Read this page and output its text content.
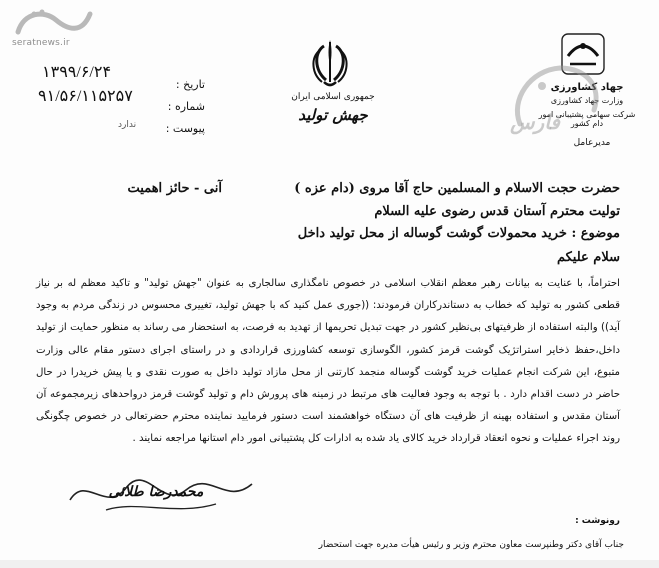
seratnews.ir
تاریخ :
شماره :
پیوست :
۱۳۹۹/۶/۲۴
۹۱/۵۶/۱۱۵۲۵۷
ندارد
جمهوری اسلامی ایران
جهش تولید
جهاد کشاورزی
وزارت جهاد کشاورزی
شرکت سهامی پشتیبانی امور دام کشور
مدیرعامل
فارس
آنی - حائز اهمیت	حضرت حجت الاسلام و المسلمین حاج آقا مروی (دام عزه )
تولیت محترم آستان قدس رضوی علیه السلام
موضوع : خرید محمولات گوشت گوساله از محل تولید داخل
سلام علیکم
احتراماً، با عنایت به بیانات رهبر معظم انقلاب اسلامی در خصوص نامگذاری سالجاری به عنوان "جهش تولید" و تاکید معظم له بر نیاز قطعی کشور به تولید که خطاب به دستاندرکاران فرمودند: ((جوری عمل کنید که با جهش تولید، تغییری محسوس در زندگی مردم به وجود آید)) والبته استفاده از ظرفیتهای بی‌نظیر کشور در جهت تبدیل تحریمها از تهدید به فرصت، به استحضار می رساند به منظور حمایت از تولید داخل،حفظ ذخایر استراتژیک گوشت قرمز کشور، الگوسازی توسعه کشاورزی قراردادی و در راستای اجرای دستور مقام عالی وزارت متبوع، این شرکت انجام عملیات خرید گوشت گوساله منجمد کارتنی از محل مازاد تولید داخل به صورت نقدی و یا پیش خریدرا در حال حاضر در دست اقدام دارد . با توجه به وجود فعالیت های مرتبط در زمینه های پرورش دام و تولید گوشت قرمز درواحدهای زیرمجموعه آن آستان مقدس و استفاده بهینه از ظرفیت های آن دستگاه خواهشمند است دستور فرمایید نماینده محترم حضرتعالی در خصوص چگونگی روند اجراء عملیات و نحوه انعقاد قرارداد خرید کالای یاد شده به ادارات کل پشتیبانی امور دام استانها مراجعه نمایند .
محمدرضا طلائی
رونوشت :
جناب آقای دکتر وطنپرست معاون محترم وزیر و رئیس هیأت مدیره جهت استحضار
